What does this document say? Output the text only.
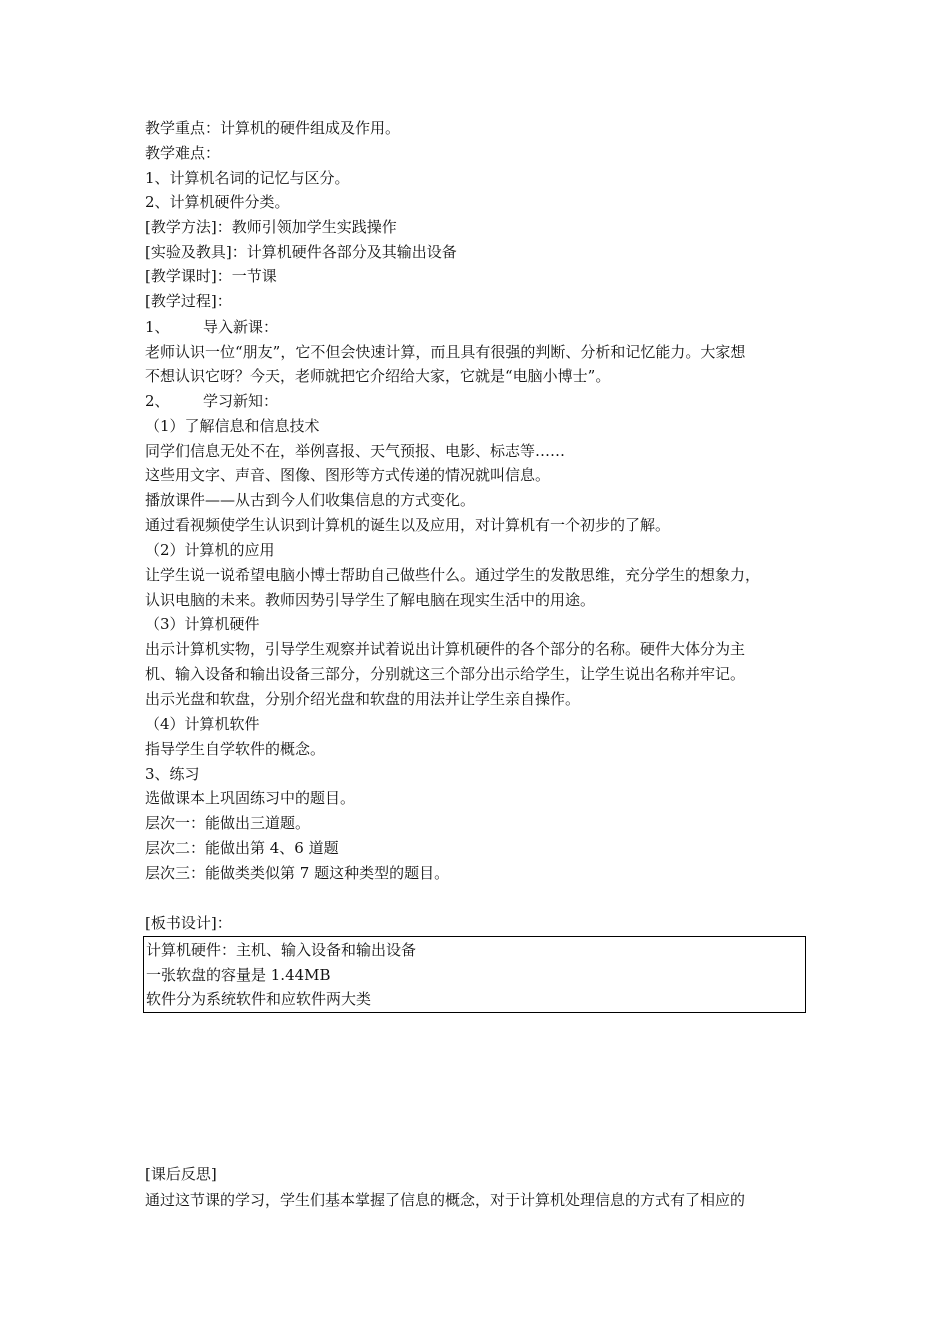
教学重点：计算机的硬件组成及作用。
教学难点：
1、计算机名词的记忆与区分。
2、计算机硬件分类。
[教学方法]：教师引领加学生实践操作
[实验及教具]：计算机硬件各部分及其输出设备
[教学课时]：一节课
[教学过程]：
1、 导入新课：
老师认识一位“朋友”，它不但会快速计算，而且具有很强的判断、分析和记忆能力。大家想
不想认识它呀？今天，老师就把它介绍给大家，它就是“电脑小博士”。
2、 学习新知：
（1）了解信息和信息技术
同学们信息无处不在，举例喜报、天气预报、电影、标志等……
这些用文字、声音、图像、图形等方式传递的情况就叫信息。
播放课件——从古到今人们收集信息的方式变化。
通过看视频使学生认识到计算机的诞生以及应用，对计算机有一个初步的了解。
（2）计算机的应用
让学生说一说希望电脑小博士帮助自己做些什么。通过学生的发散思维，充分学生的想象力，
认识电脑的未来。教师因势引导学生了解电脑在现实生活中的用途。
（3）计算机硬件
出示计算机实物，引导学生观察并试着说出计算机硬件的各个部分的名称。硬件大体分为主
机、输入设备和输出设备三部分，分别就这三个部分出示给学生，让学生说出名称并牢记。
出示光盘和软盘，分别介绍光盘和软盘的用法并让学生亲自操作。
（4）计算机软件
指导学生自学软件的概念。
3、练习
选做课本上巩固练习中的题目。
层次一：能做出三道题。
层次二：能做出第 4、6 道题
层次三：能做类类似第 7 题这种类型的题目。
[板书设计]：
计算机硬件：主机、输入设备和输出设备
一张软盘的容量是 1.44MB
软件分为系统软件和应软件两大类
[课后反思]
通过这节课的学习，学生们基本掌握了信息的概念，对于计算机处理信息的方式有了相应的
